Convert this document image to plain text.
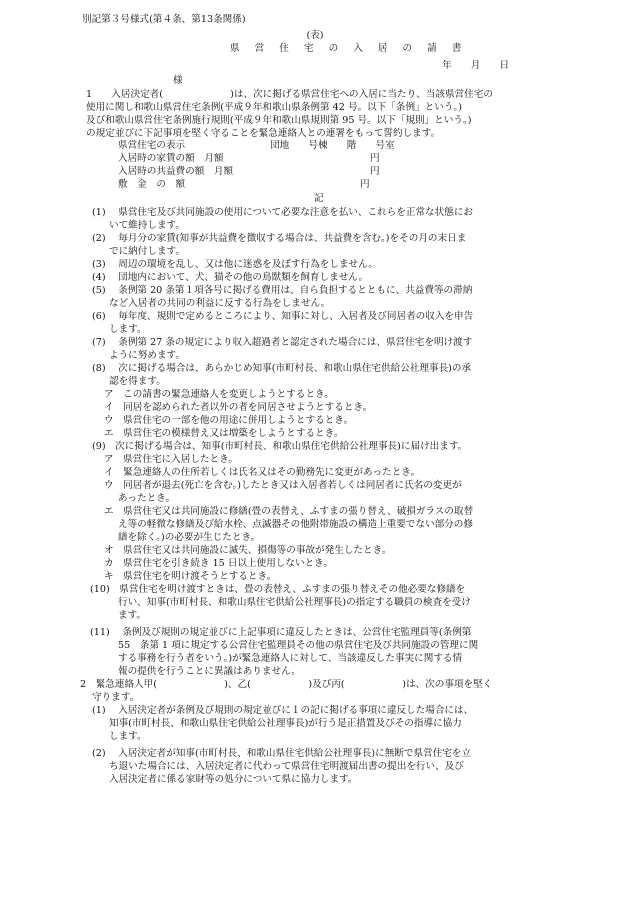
別記第３号様式(第４条、第13条関係)
(表)
県 営 住 宅 の 入 居 の 請 書
年　　月　　日
様
1　　入居決定者(　　　　　　　)は、次に掲げる県営住宅への入居に当たり、当該県営住宅の
使用に関し和歌山県営住宅条例(平成９年和歌山県条例第 42 号。以下「条例」という。)
及び和歌山県営住宅条例施行規則(平成９年和歌山県規則第 95 号。以下「規則」という。)
の規定並びに下記事項を堅く守ることを緊急連絡人との連署をもって誓約します。
県営住宅の表示
入居時の家賃の額　月額
入居時の共益費の額　月額
敷　金　の　額
団地　　号棟　　階　　号室
円
円
円
記
(1)　 県営住宅及び共同施設の使用について必要な注意を払い、これらを正常な状態にお
いて維持します。
(2)　 毎月分の家賃(知事が共益費を徴収する場合は、共益費を含む。)をその月の末日ま
でに納付します。
(3)　 周辺の環境を乱し、又は他に迷惑を及ぼす行為をしません。
(4)　 団地内において、犬、猫その他の鳥獣類を飼育しません。
(5)　 条例第 20 条第１項各号に掲げる費用は、自ら負担するとともに、共益費等の滞納
など入居者の共同の利益に反する行為をしません。
(6)　 毎年度、規則で定めるところにより、知事に対し、入居者及び同居者の収入を申告
します。
(7)　 条例第 27 条の規定により収入超過者と認定された場合には、県営住宅を明け渡す
ように努めます。
(8)　 次に掲げる場合は、あらかじめ知事(市町村長、和歌山県住宅供給公社理事長)の承
認を得ます。
ア　この請書の緊急連絡人を変更しようとするとき。
イ　同居を認められた者以外の者を同居させようとするとき。
ウ　県営住宅の一部を他の用途に併用しようとするとき。
エ　県営住宅の模様替え又は増築をしようとするとき。
(9)　次に掲げる場合は、知事(市町村長、和歌山県住宅供給公社理事長)に届け出ます。
ア　県営住宅に入居したとき。
イ　緊急連絡人の住所若しくは氏名又はその勤務先に変更があったとき。
ウ　同居者が退去(死亡を含む。)したとき又は入居者若しくは同居者に氏名の変更が
あったとき。
エ　県営住宅又は共同施設に修繕(畳の表替え、ふすまの張り替え、破損ガラスの取替
え等の軽微な修繕及び給水栓、点滅器その他附帯施設の構造上重要でない部分の修
繕を除く。)の必要が生じたとき。
オ　県営住宅又は共同施設に滅失、損傷等の事故が発生したとき。
カ　県営住宅を引き続き 15 日以上使用しないとき。
キ　県営住宅を明け渡そうとするとき。
(10)　県営住宅を明け渡すときは、畳の表替え、ふすまの張り替えその他必要な修繕を
行い、知事(市町村長、和歌山県住宅供給公社理事長)の指定する職員の検査を受け
ます。
(11)　 条例及び規則の規定並びに上記事項に違反したときは、公営住宅監理員等(条例第
55　条第 1 項に規定する公営住宅監理員その他の県営住宅及び共同施設の管理に関
する事務を行う者をいう。)が緊急連絡人に対して、当該違反した事実に関する情
報の提供を行うことに異議はありません。
2　緊急連絡人甲(　　　　　　　)、乙(　　　　　　)及び丙(　　　　　　)は、次の事項を堅く
守ります。
(1)　 入居決定者が条例及び規則の規定並びに１の記に掲げる事項に違反した場合には、
知事(市町村長、和歌山県住宅供給公社理事長)が行う是正措置及びその指導に協力
します。
(2)　 入居決定者が知事(市町村長、和歌山県住宅供給公社理事長)に無断で県営住宅を立
ち退いた場合には、入居決定者に代わって県営住宅明渡届出書の提出を行い、及び
入居決定者に係る家財等の処分について県に協力します。
